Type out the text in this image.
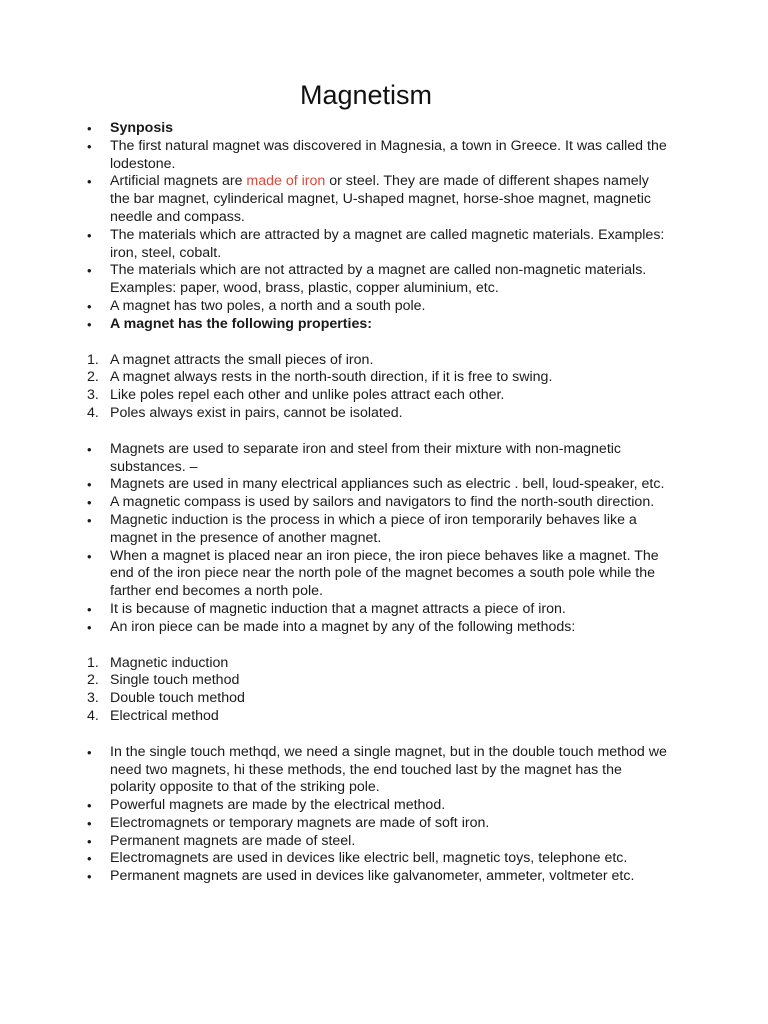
Magnetism
• Synposis
• The first natural magnet was discovered in Magnesia, a town in Greece. It was called the lodestone.
• Artificial magnets are made of iron or steel. They are made of different shapes namely the bar magnet, cylinderical magnet, U-shaped magnet, horse-shoe magnet, magnetic needle and compass.
• The materials which are attracted by a magnet are called magnetic materials. Examples: iron, steel, cobalt.
• The materials which are not attracted by a magnet are called non-magnetic materials. Examples: paper, wood, brass, plastic, copper aluminium, etc.
• A magnet has two poles, a north and a south pole.
• A magnet has the following properties:
1. A magnet attracts the small pieces of iron.
2. A magnet always rests in the north-south direction, if it is free to swing.
3. Like poles repel each other and unlike poles attract each other.
4. Poles always exist in pairs, cannot be isolated.
• Magnets are used to separate iron and steel from their mixture with non-magnetic substances. –
• Magnets are used in many electrical appliances such as electric . bell, loud-speaker, etc.
• A magnetic compass is used by sailors and navigators to find the north-south direction.
• Magnetic induction is the process in which a piece of iron temporarily behaves like a magnet in the presence of another magnet.
• When a magnet is placed near an iron piece, the iron piece behaves like a magnet. The end of the iron piece near the north pole of the magnet becomes a south pole while the farther end becomes a north pole.
• It is because of magnetic induction that a magnet attracts a piece of iron.
• An iron piece can be made into a magnet by any of the following methods:
1. Magnetic induction
2. Single touch method
3. Double touch method
4. Electrical method
• In the single touch methqd, we need a single magnet, but in the double touch method we need two magnets, hi these methods, the end touched last by the magnet has the polarity opposite to that of the striking pole.
• Powerful magnets are made by the electrical method.
• Electromagnets or temporary magnets are made of soft iron.
• Permanent magnets are made of steel.
• Electromagnets are used in devices like electric bell, magnetic toys, telephone etc.
• Permanent magnets are used in devices like galvanometer, ammeter, voltmeter etc.
